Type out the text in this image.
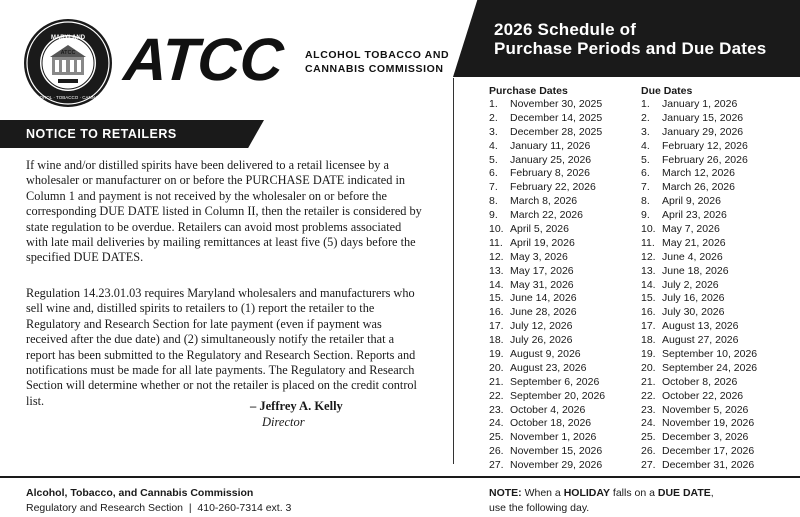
MARYLAND
ALCOHOL · TOBACCO · CANNABIS
ATCC ATCC ALCOHOL TOBACCO AND
CANNABIS COMMISSION
NOTICE TO RETAILERS

If wine and/or distilled spirits have been delivered to a retail licensee by a wholesaler or manufacturer on or before the PURCHASE DATE indicated in Column 1 and payment is not received by the wholesaler on or before the corresponding DUE DATE listed in Column II, then the retailer is considered by state regulation to be overdue. Retailers can avoid most problems associated with late mail deliveries by mailing remittances at least five (5) days before the specified DUE DATES.

Regulation 14.23.01.03 requires Maryland wholesalers and manufacturers who sell wine and, distilled spirits to retailers to (1) report the retailer to the Regulatory and Research Section for late payment (even if payment was received after the due date) and (2) simultaneously notify the retailer that a report has been submitted to the Regulatory and Research Section. Reports and notifications must be made for all late payments. The Regulatory and Research Section will determine whether or not the retailer is placed on the credit control list.	– Jeffrey A. Kelly
Director
2026 Schedule of
Purchase Periods and Due Dates
Purchase Dates	Due Dates
1. November 30, 2025
2. December 14, 2025
3. December 28, 2025
4. January 11, 2026
5. January 25, 2026
6. February 8, 2026
7. February 22, 2026
8. March 8, 2026
9. March 22, 2026
10. April 5, 2026
11. April 19, 2026
12. May 3, 2026
13. May 17, 2026
14. May 31, 2026
15. June 14, 2026
16. June 28, 2026
17. July 12, 2026
18. July 26, 2026
19. August 9, 2026
20. August 23, 2026
21. September 6, 2026
22. September 20, 2026
23. October 4, 2026
24. October 18, 2026
25. November 1, 2026
26. November 15, 2026
27. November 29, 2026
1. January 1, 2026
2. January 15, 2026
3. January 29, 2026
4. February 12, 2026
5. February 26, 2026
6. March 12, 2026
7. March 26, 2026
8. April 9, 2026
9. April 23, 2026
10. May 7, 2026
11. May 21, 2026
12. June 4, 2026
13. June 18, 2026
14. July 2, 2026
15. July 16, 2026
16. July 30, 2026
17. August 13, 2026
18. August 27, 2026
19. September 10, 2026
20. September 24, 2026
21. October 8, 2026
22. October 22, 2026
23. November 5, 2026
24. November 19, 2026
25. December 3, 2026
26. December 17, 2026
27. December 31, 2026
Alcohol, Tobacco, and Cannabis Commission
Regulatory and Research Section  |  410-260-7314 ext. 3
NOTE: When a HOLIDAY falls on a DUE DATE,
use the following day.
